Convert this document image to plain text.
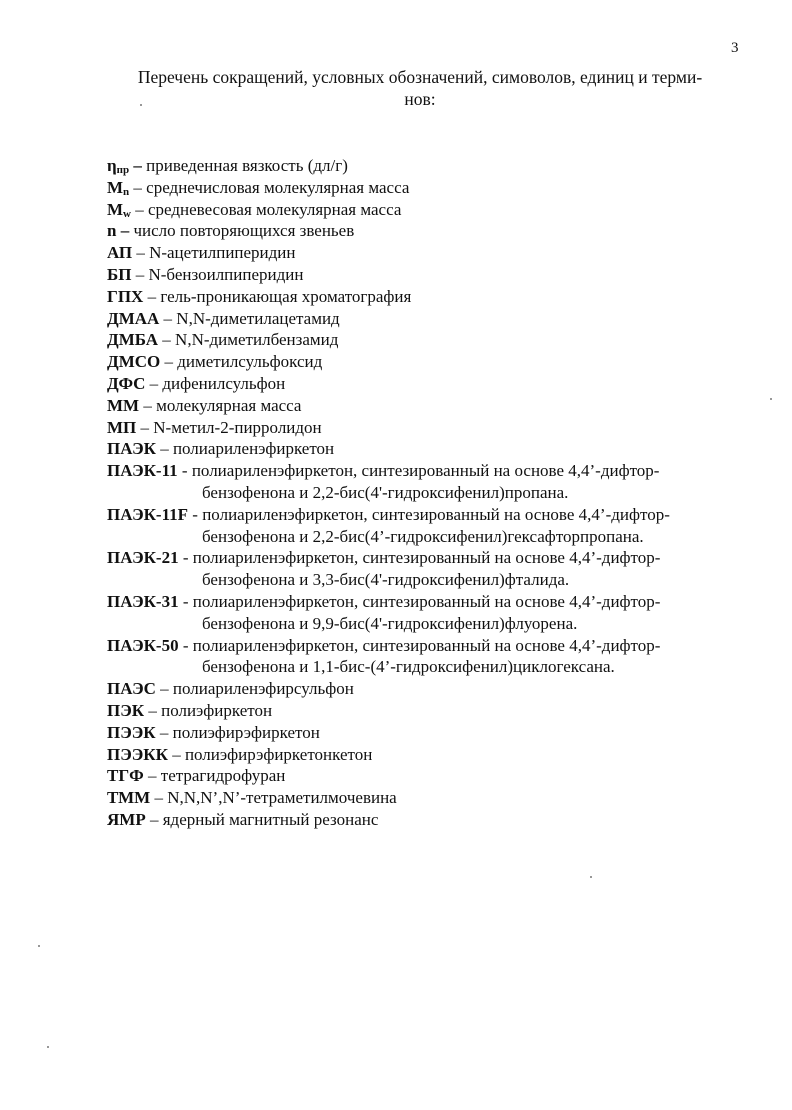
3
Перечень сокращений, условных обозначений, симоволов, единиц и терми-
нов:
$\eta_{пр}$ – приведенная вязкость (дл/г)
$M_n$ – среднечисловая молекулярная масса
$M_w$ – средневесовая молекулярная масса
n – число повторяющихся звеньев
АП – N-ацетилпиперидин
БП – N-бензоилпиперидин
ГПХ – гель-проникающая хроматография
ДМАА – N,N-диметилацетамид
ДМБА – N,N-диметилбензамид
ДМСО – диметилсульфоксид
ДФС – дифенилсульфон
ММ – молекулярная масса
МП – N-метил-2-пирролидон
ПАЭК – полиариленэфиркетон
ПАЭК-11 - полиариленэфиркетон, синтезированный на основе 4,4’-дифтор-
бензофенона и 2,2-бис(4'-гидроксифенил)пропана.
ПАЭК-11F - полиариленэфиркетон, синтезированный на основе 4,4’-дифтор-
бензофенона и 2,2-бис(4’-гидроксифенил)гексафторпропана.
ПАЭК-21 - полиариленэфиркетон, синтезированный на основе 4,4’-дифтор-
бензофенона и 3,3-бис(4'-гидроксифенил)фталида.
ПАЭК-31 - полиариленэфиркетон, синтезированный на основе 4,4’-дифтор-
бензофенона и 9,9-бис(4'-гидроксифенил)флуорена.
ПАЭК-50 - полиариленэфиркетон, синтезированный на основе 4,4’-дифтор-
бензофенона и 1,1-бис-(4’-гидроксифенил)циклогексана.
ПАЭС – полиариленэфирсульфон
ПЭК – полиэфиркетон
ПЭЭК – полиэфирэфиркетон
ПЭЭКК – полиэфирэфиркетонкетон
ТГФ – тетрагидрофуран
ТММ – N,N,N’,N’-тетраметилмочевина
ЯМР – ядерный магнитный резонанс
